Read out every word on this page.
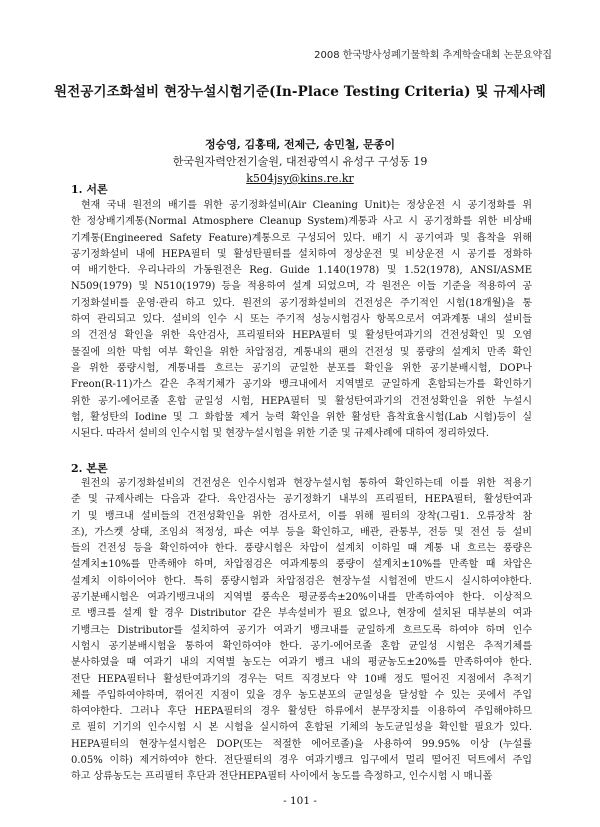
2008 한국방사성폐기물학회 추계학술대회 논문요약집
원전공기조화설비 현장누설시험기준(In-Place Testing Criteria) 및 규제사례
정승영, 김홍태, 전제근, 송민철, 문종이
한국원자력안전기술원, 대전광역시 유성구 구성동 19
k504jsy@kins.re.kr
1. 서론
현재 국내 원전의 배기를 위한 공기정화설비(Air Cleaning Unit)는 정상운전 시 공기정화를 위
한 정상배기계통(Normal Atmosphere Cleanup System)계통과 사고 시 공기정화를 위한 비상배
기계통(Engineered Safety Feature)계통으로 구성되어 있다. 배기 시 공기여과 및 흡착을 위해
공기정화설비 내에 HEPA필터 및 활성탄필터를 설치하여 정상운전 및 비상운전 시 공기를 정화하
여 배기한다. 우리나라의 가동원전은 Reg. Guide 1.140(1978) 및 1.52(1978), ANSI/ASME
N509(1979) 및 N510(1979) 등을 적용하여 설계 되었으며, 각 원전은 이들 기준을 적용하여 공
기정화설비를 운영·관리 하고 있다. 원전의 공기정화설비의 건전성은 주기적인 시험(18개월)을 통
하여 관리되고 있다. 설비의 인수 시 또는 주기적 성능시험검사 항목으로서 여과계통 내의 설비들
의 건전성 확인을 위한 육안검사, 프리필터와 HEPA필터 및 활성탄여과기의 건전성확인 및 오염
물질에 의한 막힘 여부 확인을 위한 차압점검, 계통내의 팬의 건전성 및 풍량의 설계치 만족 확인
을 위한 풍량시험, 계통내를 흐르는 공기의 균일한 분포를 확인을 위한 공기분배시험, DOP나
Freon(R-11)가스 같은 추적기체가 공기와 뱅크내에서 지역별로 균일하게 혼합되는가를 확인하기
위한 공기-에어로졸 혼합 균일성 시험, HEPA필터 및 활성탄여과기의 건전성확인을 위한 누설시
험, 활성탄의 Iodine 및 그 화합물 제거 능력 확인을 위한 활성탄 흡착효율시험(Lab 시험)등이 실
시된다. 따라서 설비의 인수시험 및 현장누설시험을 위한 기준 및 규제사례에 대하여 정리하였다.
2. 본론
원전의 공기정화설비의 건전성은 인수시험과 현장누설시험 통하여 확인하는데 이를 위한 적용기
준 및 규제사례는 다음과 같다. 육안검사는 공기정화기 내부의 프리필터, HEPA필터, 활성탄여과
기 및 뱅크내 설비들의 건전성확인을 위한 검사로서, 이를 위해 필터의 장착(그림1. 오류장착 참
조), 가스켓 상태, 조임쇠 적정성, 파손 여부 등을 확인하고, 배관, 관통부, 전등 및 전선 등 설비
들의 건전성 등을 확인하여야 한다. 풍량시험은 차압이 설계치 이하일 때 계통 내 흐르는 풍량은
설계치±10%를 만족해야 하며, 차압점검은 여과계통의 풍량이 설계치±10%를 만족할 때 차압은
설계치 이하이어야 한다. 특히 풍량시험과 차압점검은 현장누설 시험전에 반드시 실시하여야한다.
공기분배시험은 여과기뱅크내의 지역별 풍속은 평균풍속±20%이내를 만족하여야 한다. 이상적으
로 뱅크를 설계 할 경우 Distributor 같은 부속설비가 필요 없으나, 현장에 설치된 대부분의 여과
기뱅크는 Distributor를 설치하여 공기가 여과기 뱅크내를 균일하게 흐르도록 하여야 하며 인수
시험시 공기분배시험을 통하여 확인하여야 한다. 공기-에어로졸 혼합 균일성 시험은 추적기체를
분사하였을 때 여과기 내의 지역별 농도는 여과기 뱅크 내의 평균농도±20%를 만족하여야 한다.
전단 HEPA필터나 활성탄여과기의 경우는 덕트 직경보다 약 10배 정도 떨어진 지점에서 추적기
체를 주입하여야하며, 꺾어진 지점이 있을 경우 농도분포의 균일성을 달성할 수 있는 곳에서 주입
하여야한다. 그러나 후단 HEPA필터의 경우 활성탄 하류에서 분무장치를 이용하여 주입해야하므
로 필히 기기의 인수시험 시 본 시험을 실시하여 혼합된 기체의 농도균일성을 확인할 필요가 있다.
HEPA필터의 현장누설시험은 DOP(또는 적절한 에어로졸)을 사용하여 99.95% 이상 (누설률
0.05% 이하) 제거하여야 한다. 전단필터의 경우 여과기뱅크 입구에서 멀리 떨어진 덕트에서 주입
하고 상류농도는 프리필터 후단과 전단HEPA필터 사이에서 농도를 측정하고, 인수시험 시 매니폴
- 101 -
